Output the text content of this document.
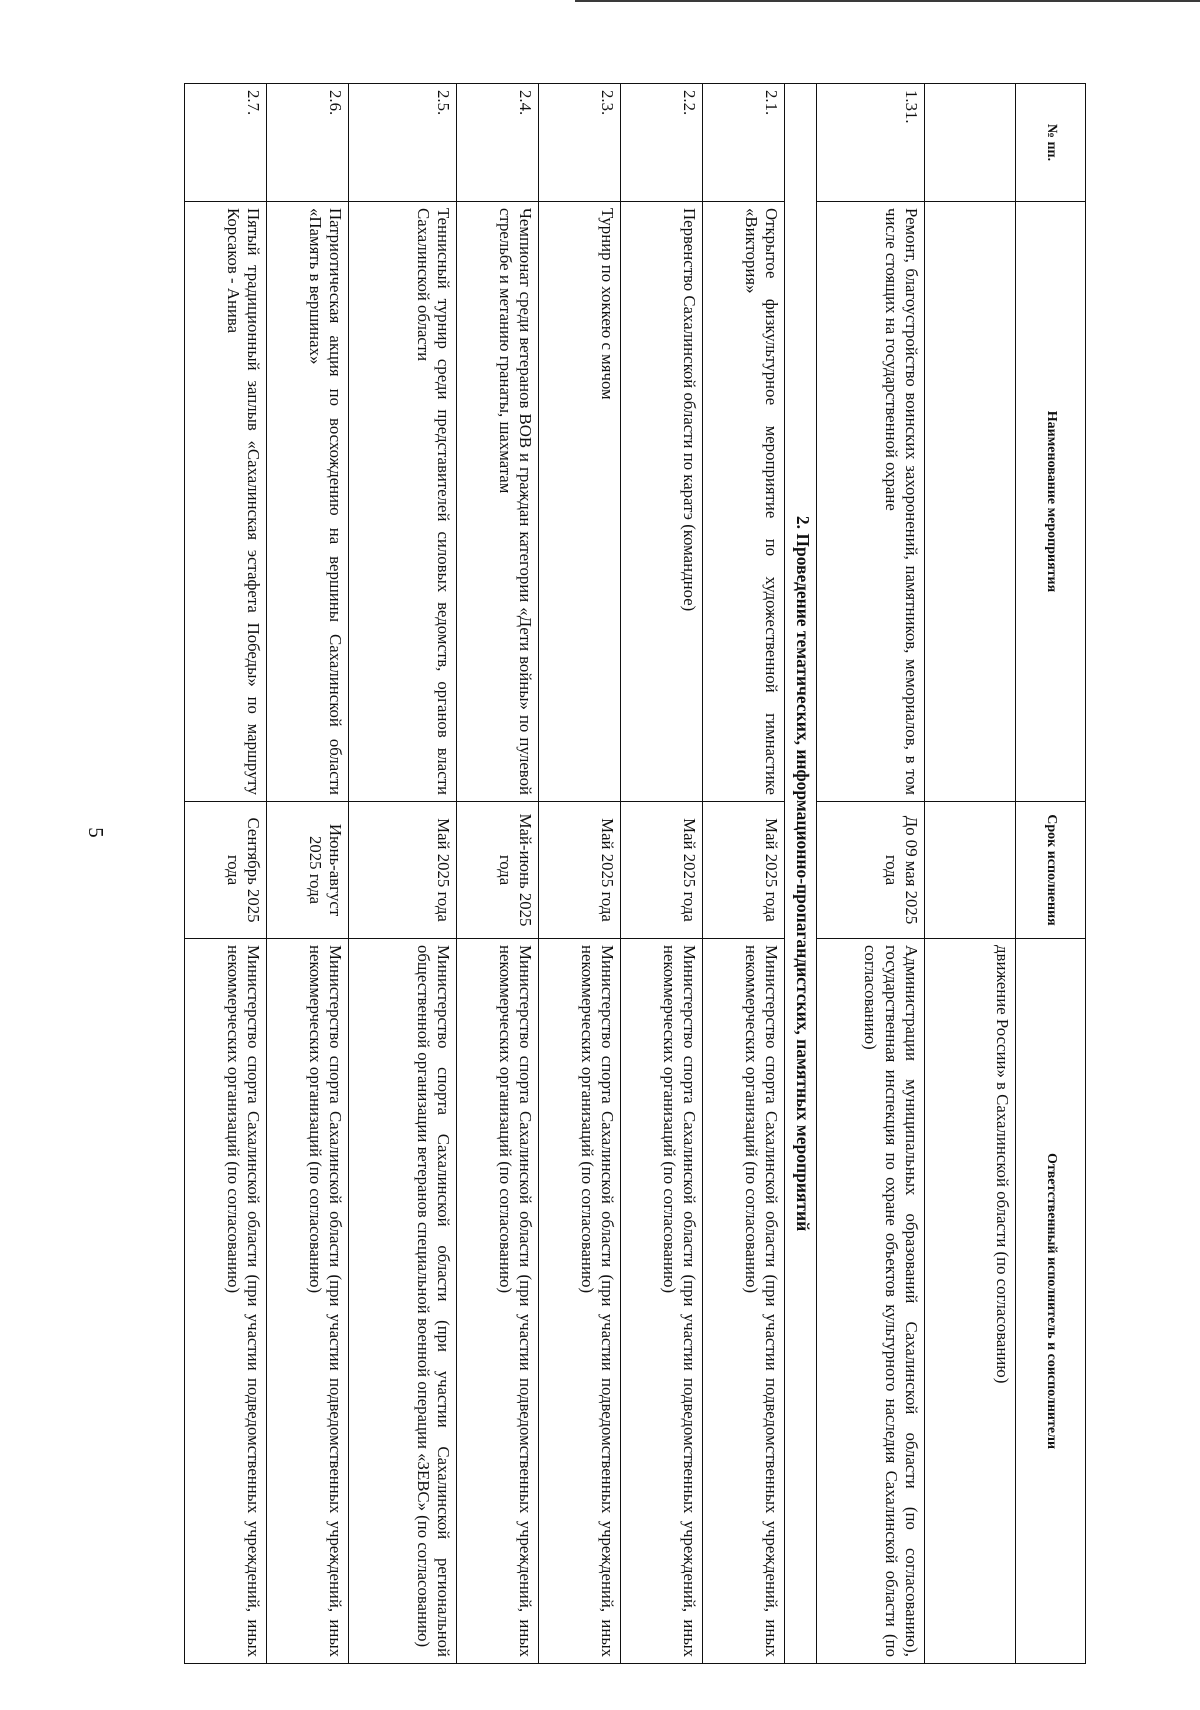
5
№ пп.	Наименование мероприятия	Срок исполнения	Ответственный исполнитель и соисполнители
			движение России» в Сахалинской области (по согласованию)
1.31.	Ремонт, благоустройство воинских захоронений, памятников, мемориалов, в том числе стоящих на государственной охране	До 09 мая 2025 года	Администрации муниципальных образований Сахалинской области (по согласованию), государственная инспекция по охране объектов культурного наследия Сахалинской области (по согласованию)
2. Проведение тематических, информационно-пропагандистских, памятных мероприятий			
2.1.	Открытое физкультурное мероприятие по художественной гимнастике «Виктория»	Май 2025 года	Министерство спорта Сахалинской области (при участии подведомственных учреждений, иных некоммерческих организаций (по согласованию)
2.2.	Первенство Сахалинской области по каратэ (командное)	Май 2025 года	Министерство спорта Сахалинской области (при участии подведомственных учреждений, иных некоммерческих организаций (по согласованию)
2.3.	Турнир по хоккею с мячом	Май 2025 года	Министерство спорта Сахалинской области (при участии подведомственных учреждений, иных некоммерческих организаций (по согласованию)
2.4.	Чемпионат среди ветеранов ВОВ и граждан категории «Дети войны» по пулевой стрельбе и метанию гранаты, шахматам	Май-июнь 2025 года	Министерство спорта Сахалинской области (при участии подведомственных учреждений, иных некоммерческих организаций (по согласованию)
2.5.	Теннисный турнир среди представителей силовых ведомств, органов власти Сахалинской области	Май 2025 года	Министерство спорта Сахалинской области (при участии Сахалинской региональной общественной организации ветеранов специальной военной операции «ЗЕВС» (по согласованию)
2.6.	Патриотическая акция по восхождению на вершины Сахалинской области «Память в вершинах»	Июнь-август 2025 года	Министерство спорта Сахалинской области (при участии подведомственных учреждений, иных некоммерческих организаций (по согласованию)
2.7.	Пятый традиционный заплыв «Сахалинская эстафета Победы» по маршруту Корсаков - Анива	Сентябрь 2025 года	Министерство спорта Сахалинской области (при участии подведомственных учреждений, иных некоммерческих организаций (по согласованию)
